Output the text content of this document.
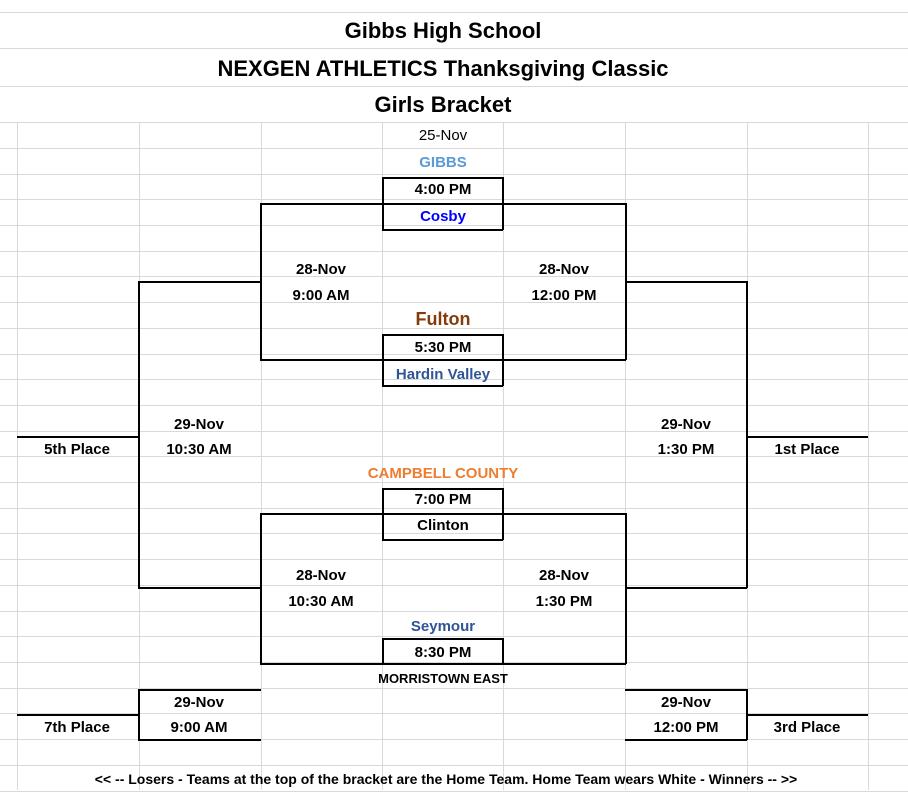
Gibbs High School
NEXGEN ATHLETICS Thanksgiving Classic
Girls Bracket
25-Nov
GIBBS
4:00 PM
Cosby
Fulton
5:30 PM
Hardin Valley
CAMPBELL COUNTY
7:00 PM
Clinton
Seymour
8:30 PM
MORRISTOWN EAST
28-Nov
9:00 AM
28-Nov
12:00 PM
28-Nov
10:30 AM
28-Nov
1:30 PM
29-Nov
10:30 AM
5th Place
29-Nov
1:30 PM	1st Place
29-Nov
9:00 AM
7th Place
29-Nov
12:00 PM	3rd Place
<< -- Losers - Teams at the top of the bracket are the Home Team. Home Team wears White - Winners -- >>
